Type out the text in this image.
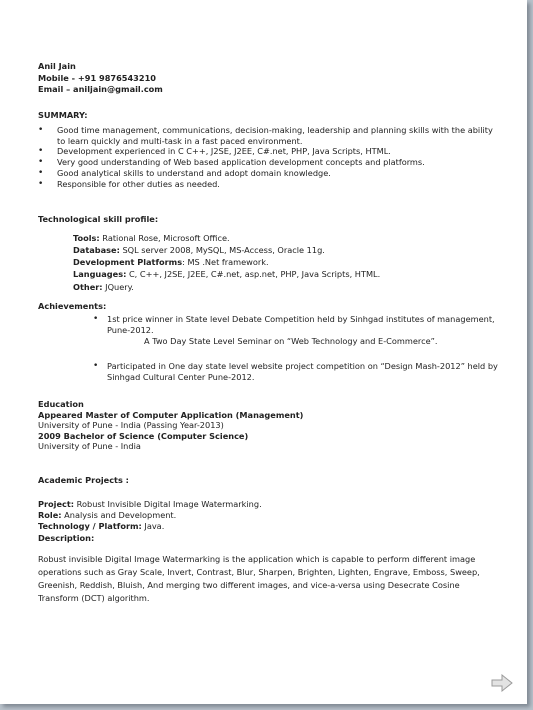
Anil Jain
Mobile - +91 9876543210
Email – aniljain@gmail.com
SUMMARY:
• Good time management, communications, decision-making, leadership and planning skills with the ability to learn quickly and multi-task in a fast paced environment.
• Development experienced in C C++, J2SE, J2EE, C#.net, PHP, Java Scripts, HTML.
• Very good understanding of Web based application development concepts and platforms.
• Good analytical skills to understand and adopt domain knowledge.
• Responsible for other duties as needed.
Technological skill profile:
Tools: Rational Rose, Microsoft Office.
Database: SQL server 2008, MySQL, MS-Access, Oracle 11g.
Development Platforms: MS .Net framework.
Languages: C, C++, J2SE, J2EE, C#.net, asp.net, PHP, Java Scripts, HTML.
Other: JQuery.
Achievements:
• 1st price winner in State level Debate Competition held by Sinhgad institutes of management, Pune-2012.
A Two Day State Level Seminar on “Web Technology and E-Commerce”.
• Participated in One day state level website project competition on “Design Mash-2012” held by Sinhgad Cultural Center Pune-2012.
Education
Appeared Master of Computer Application (Management)
University of Pune - India (Passing Year-2013)
2009 Bachelor of Science (Computer Science)
University of Pune - India
Academic Projects :
Project: Robust Invisible Digital Image Watermarking.
Role: Analysis and Development.
Technology / Platform: Java.
Description:
Robust invisible Digital Image Watermarking is the application which is capable to perform different image operations such as Gray Scale, Invert, Contrast, Blur, Sharpen, Brighten, Lighten, Engrave, Emboss, Sweep, Greenish, Reddish, Bluish, And merging two different images, and vice-a-versa using Desecrate Cosine Transform (DCT) algorithm.
